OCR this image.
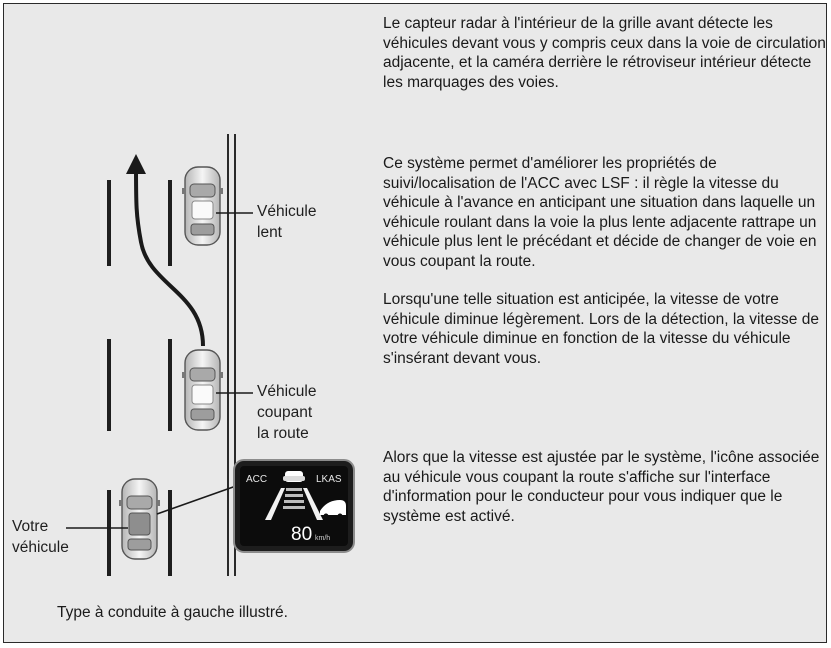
ACC	LKAS
80 km/h
Véhicule
lent
Véhicule
coupant
la route
Votre
véhicule
Type à conduite à gauche illustré.

Le capteur radar à l'intérieur de la grille avant détecte les véhicules devant vous y compris ceux dans la voie de circulation adjacente, et la caméra derrière le rétroviseur intérieur détecte les marquages des voies.

Ce système permet d'améliorer les propriétés de suivi/localisation de l'ACC avec LSF : il règle la vitesse du véhicule à l'avance en anticipant une situation dans laquelle un véhicule roulant dans la voie la plus lente adjacente rattrape un véhicule plus lent le précédant et décide de changer de voie en vous coupant la route.

Lorsqu'une telle situation est anticipée, la vitesse de votre véhicule diminue légèrement. Lors de la détection, la vitesse de votre véhicule diminue en fonction de la vitesse du véhicule s'insérant devant vous.

Alors que la vitesse est ajustée par le système, l'icône associée au véhicule vous coupant la route s'affiche sur l'interface d'information pour le conducteur pour vous indiquer que le système est activé.
